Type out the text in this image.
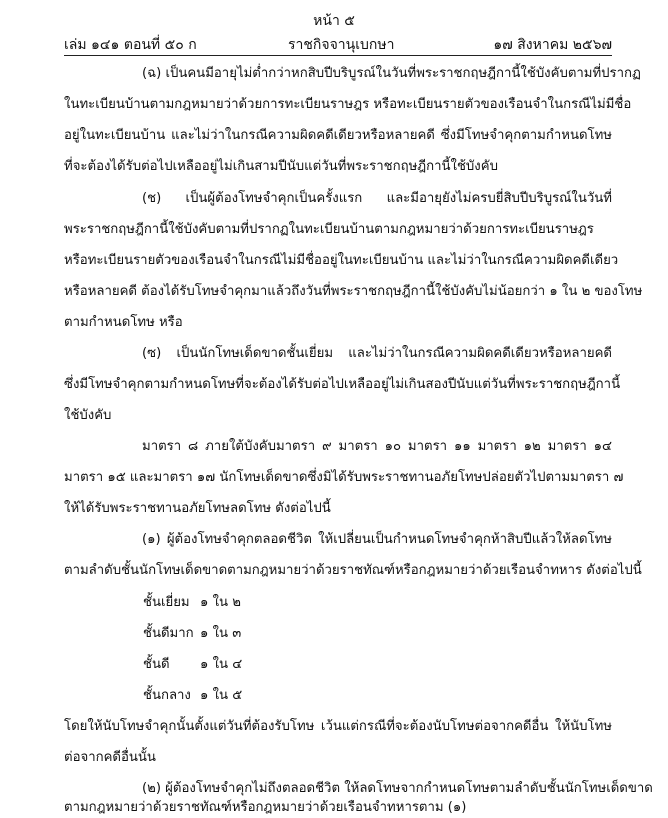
หน้า ๕
เล่ม ๑๔๑ ตอนที่ ๕๐ ก	ราชกิจจานุเบกษา	๑๗ สิงหาคม ๒๕๖๗
(ฉ) เป็นคนมีอายุไม่ต่ำกว่าหกสิบปีบริบูรณ์ในวันที่พระราชกฤษฎีกานี้ใช้บังคับตามที่ปรากฏ
ในทะเบียนบ้านตามกฎหมายว่าด้วยการทะเบียนราษฎร หรือทะเบียนรายตัวของเรือนจำในกรณีไม่มีชื่อ
อยู่ในทะเบียนบ้าน และไม่ว่าในกรณีความผิดคดีเดียวหรือหลายคดี ซึ่งมีโทษจำคุกตามกำหนดโทษ
ที่จะต้องได้รับต่อไปเหลืออยู่ไม่เกินสามปีนับแต่วันที่พระราชกฤษฎีกานี้ใช้บังคับ
(ช) เป็นผู้ต้องโทษจำคุกเป็นครั้งแรก และมีอายุยังไม่ครบยี่สิบปีบริบูรณ์ในวันที่
พระราชกฤษฎีกานี้ใช้บังคับตามที่ปรากฏในทะเบียนบ้านตามกฎหมายว่าด้วยการทะเบียนราษฎร
หรือทะเบียนรายตัวของเรือนจำในกรณีไม่มีชื่ออยู่ในทะเบียนบ้าน และไม่ว่าในกรณีความผิดคดีเดียว
หรือหลายคดี ต้องได้รับโทษจำคุกมาแล้วถึงวันที่พระราชกฤษฎีกานี้ใช้บังคับไม่น้อยกว่า ๑ ใน ๒ ของโทษ
ตามกำหนดโทษ หรือ
(ซ) เป็นนักโทษเด็ดขาดชั้นเยี่ยม และไม่ว่าในกรณีความผิดคดีเดียวหรือหลายคดี
ซึ่งมีโทษจำคุกตามกำหนดโทษที่จะต้องได้รับต่อไปเหลืออยู่ไม่เกินสองปีนับแต่วันที่พระราชกฤษฎีกานี้
ใช้บังคับ
มาตรา ๘ ภายใต้บังคับมาตรา ๙ มาตรา ๑๐ มาตรา ๑๑ มาตรา ๑๒ มาตรา ๑๔
มาตรา ๑๕ และมาตรา ๑๗ นักโทษเด็ดขาดซึ่งมิได้รับพระราชทานอภัยโทษปล่อยตัวไปตามมาตรา ๗
ให้ได้รับพระราชทานอภัยโทษลดโทษ ดังต่อไปนี้
(๑) ผู้ต้องโทษจำคุกตลอดชีวิต ให้เปลี่ยนเป็นกำหนดโทษจำคุกห้าสิบปีแล้วให้ลดโทษ
ตามลำดับชั้นนักโทษเด็ดขาดตามกฎหมายว่าด้วยราชทัณฑ์หรือกฎหมายว่าด้วยเรือนจำทหาร ดังต่อไปนี้
ชั้นเยี่ยม ๑ ใน ๒
ชั้นดีมาก ๑ ใน ๓
ชั้นดี ๑ ใน ๔
ชั้นกลาง ๑ ใน ๕
โดยให้นับโทษจำคุกนั้นตั้งแต่วันที่ต้องรับโทษ เว้นแต่กรณีที่จะต้องนับโทษต่อจากคดีอื่น ให้นับโทษ
ต่อจากคดีอื่นนั้น
(๒) ผู้ต้องโทษจำคุกไม่ถึงตลอดชีวิต ให้ลดโทษจากกำหนดโทษตามลำดับชั้นนักโทษเด็ดขาด
ตามกฎหมายว่าด้วยราชทัณฑ์หรือกฎหมายว่าด้วยเรือนจำทหารตาม (๑)
